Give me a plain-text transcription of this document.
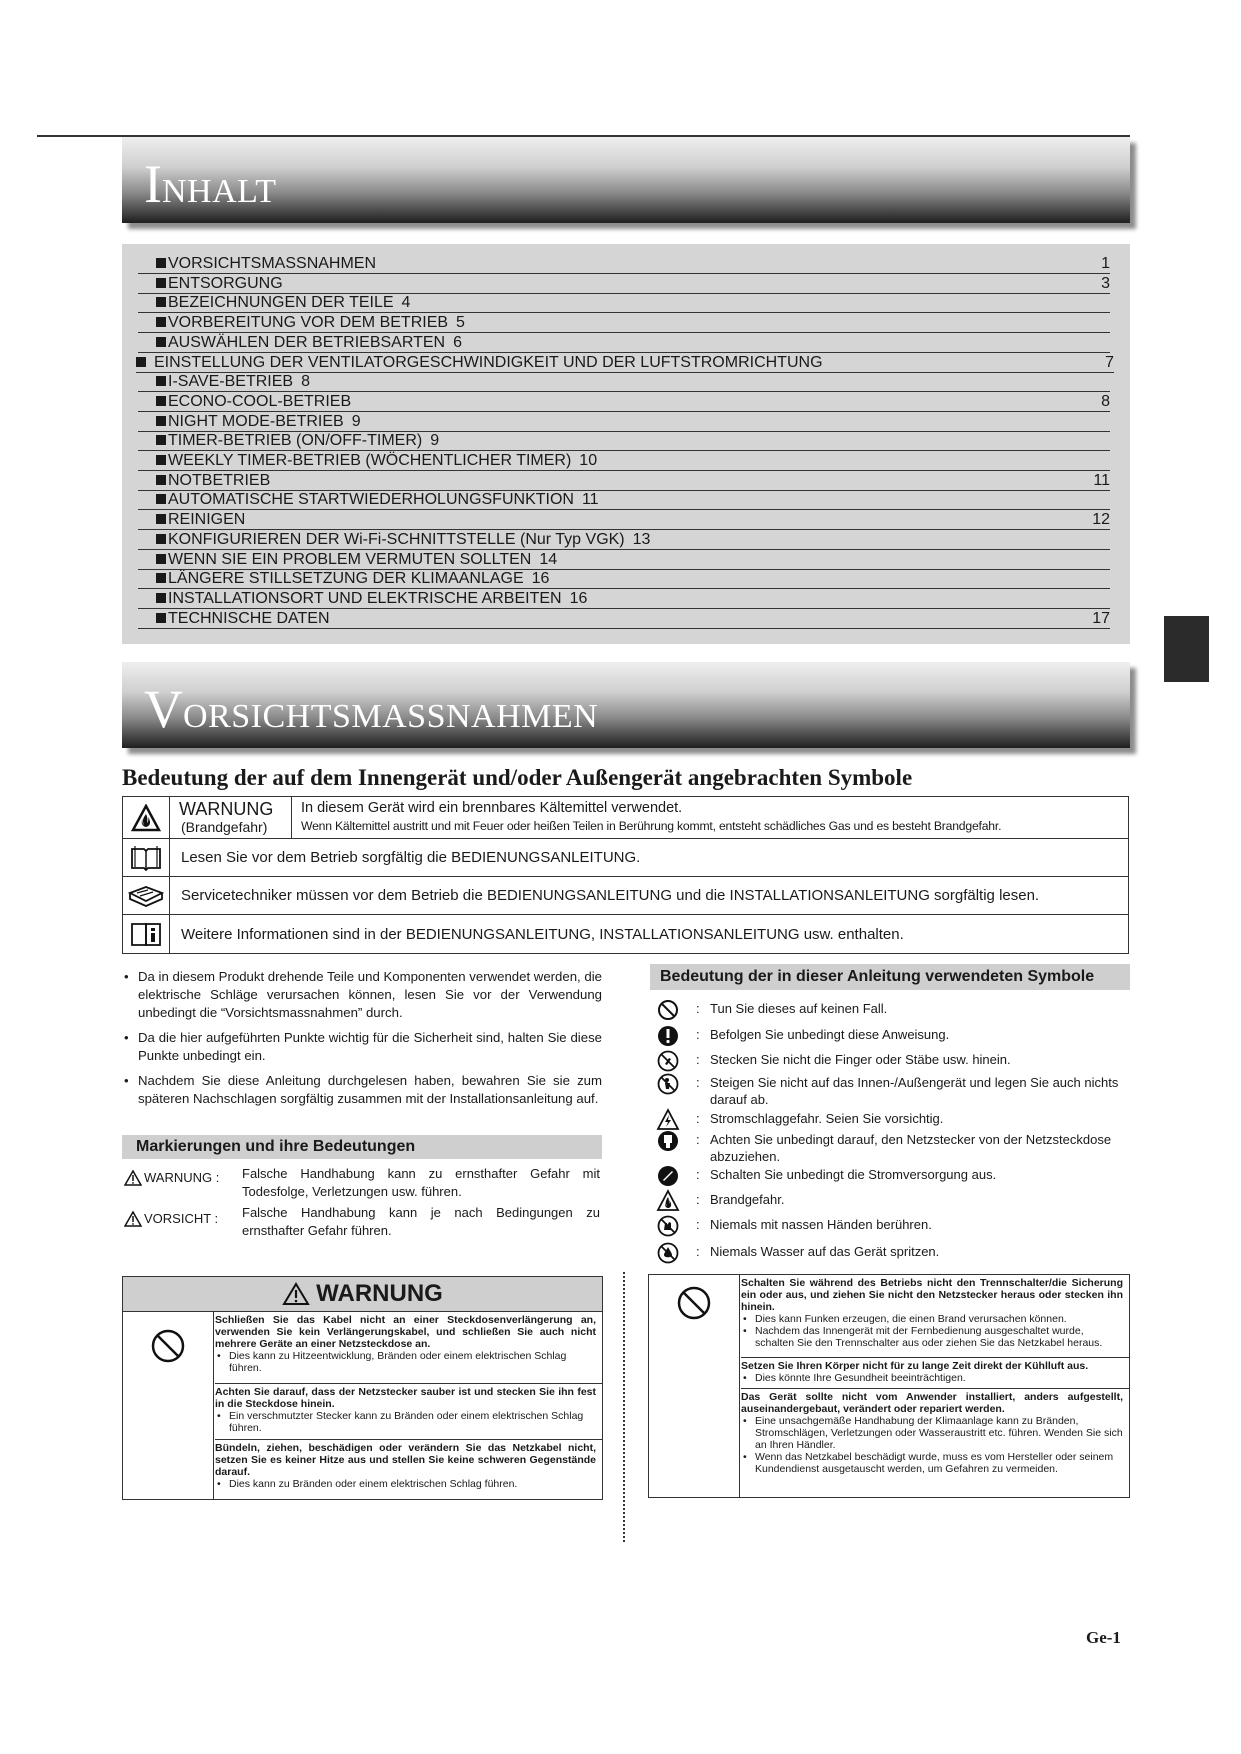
INHALT
VORSICHTSMASSNAHMEN	1
ENTSORGUNG	3
BEZEICHNUNGEN DER TEILE 4
VORBEREITUNG VOR DEM BETRIEB 5
AUSWÄHLEN DER BETRIEBSARTEN 6
EINSTELLUNG DER VENTILATORGESCHWINDIGKEIT UND DER LUFTSTROMRICHTUNG	7
I-SAVE-BETRIEB 8
ECONO-COOL-BETRIEB	8
NIGHT MODE-BETRIEB 9
TIMER-BETRIEB (ON/OFF-TIMER) 9
WEEKLY TIMER-BETRIEB (WÖCHENTLICHER TIMER) 10
NOTBETRIEB	11
AUTOMATISCHE STARTWIEDERHOLUNGSFUNKTION 11
REINIGEN	12
KONFIGURIEREN DER Wi-Fi-SCHNITTSTELLE (Nur Typ VGK) 13
WENN SIE EIN PROBLEM VERMUTEN SOLLTEN 14
LÄNGERE STILLSETZUNG DER KLIMAANLAGE 16
INSTALLATIONSORT UND ELEKTRISCHE ARBEITEN 16
TECHNISCHE DATEN	17
VORSICHTSMASSNAHMEN
Bedeutung der auf dem Innengerät und/oder Außengerät angebrachten Symbole
WARNUNG
(Brandgefahr)
In diesem Gerät wird ein brennbares Kältemittel verwendet.
Wenn Kältemittel austritt und mit Feuer oder heißen Teilen in Berührung kommt, entsteht schädliches Gas und es besteht Brandgefahr.
Lesen Sie vor dem Betrieb sorgfältig die BEDIENUNGSANLEITUNG.
Servicetechniker müssen vor dem Betrieb die BEDIENUNGSANLEITUNG und die INSTALLATIONSANLEITUNG sorgfältig lesen.
Weitere Informationen sind in der BEDIENUNGSANLEITUNG, INSTALLATIONSANLEITUNG usw. enthalten.
• Da in diesem Produkt drehende Teile und Komponenten verwendet werden, die elektrische Schläge verursachen können, lesen Sie vor der Verwendung unbedingt die “Vorsichtsmassnahmen” durch.
• Da die hier aufgeführten Punkte wichtig für die Sicherheit sind, halten Sie diese Punkte unbedingt ein.
• Nachdem Sie diese Anleitung durchgelesen haben, bewahren Sie sie zum späteren Nachschlagen sorgfältig zusammen mit der Installationsanleitung auf.
Markierungen und ihre Bedeutungen
WARNUNG : Falsche Handhabung kann zu ernsthafter Gefahr mit Todesfolge, Verletzungen usw. führen.
VORSICHT : Falsche Handhabung kann je nach Bedingungen zu ernsthafter Gefahr führen.
Bedeutung der in dieser Anleitung verwendeten Symbole
: Tun Sie dieses auf keinen Fall.
: Befolgen Sie unbedingt diese Anweisung.
: Stecken Sie nicht die Finger oder Stäbe usw. hinein.
: Steigen Sie nicht auf das Innen-/Außengerät und legen Sie auch nichts darauf ab.
: Stromschlaggefahr. Seien Sie vorsichtig.
: Achten Sie unbedingt darauf, den Netzstecker von der Netzsteckdose abzuziehen.
: Schalten Sie unbedingt die Stromversorgung aus.
: Brandgefahr.
: Niemals mit nassen Händen berühren.
: Niemals Wasser auf das Gerät spritzen.
WARNUNG
Schließen Sie das Kabel nicht an einer Steckdosenverlängerung an, verwenden Sie kein Verlängerungskabel, und schließen Sie auch nicht mehrere Geräte an einer Netzsteckdose an.
• Dies kann zu Hitzeentwicklung, Bränden oder einem elektrischen Schlag führen.
Achten Sie darauf, dass der Netzstecker sauber ist und stecken Sie ihn fest in die Steckdose hinein.
• Ein verschmutzter Stecker kann zu Bränden oder einem elektrischen Schlag führen.
Bündeln, ziehen, beschädigen oder verändern Sie das Netzkabel nicht, setzen Sie es keiner Hitze aus und stellen Sie keine schweren Gegenstände darauf.
• Dies kann zu Bränden oder einem elektrischen Schlag führen.
Schalten Sie während des Betriebs nicht den Trennschalter/die Sicherung ein oder aus, und ziehen Sie nicht den Netzstecker heraus oder stecken ihn hinein.
• Dies kann Funken erzeugen, die einen Brand verursachen können.
• Nachdem das Innengerät mit der Fernbedienung ausgeschaltet wurde, schalten Sie den Trennschalter aus oder ziehen Sie das Netzkabel heraus.
Setzen Sie Ihren Körper nicht für zu lange Zeit direkt der Kühlluft aus.
• Dies könnte Ihre Gesundheit beeinträchtigen.
Das Gerät sollte nicht vom Anwender installiert, anders aufgestellt, auseinandergebaut, verändert oder repariert werden.
• Eine unsachgemäße Handhabung der Klimaanlage kann zu Bränden, Stromschlägen, Verletzungen oder Wasseraustritt etc. führen. Wenden Sie sich an Ihren Händler.
• Wenn das Netzkabel beschädigt wurde, muss es vom Hersteller oder seinem Kundendienst ausgetauscht werden, um Gefahren zu vermeiden.
Ge-1
